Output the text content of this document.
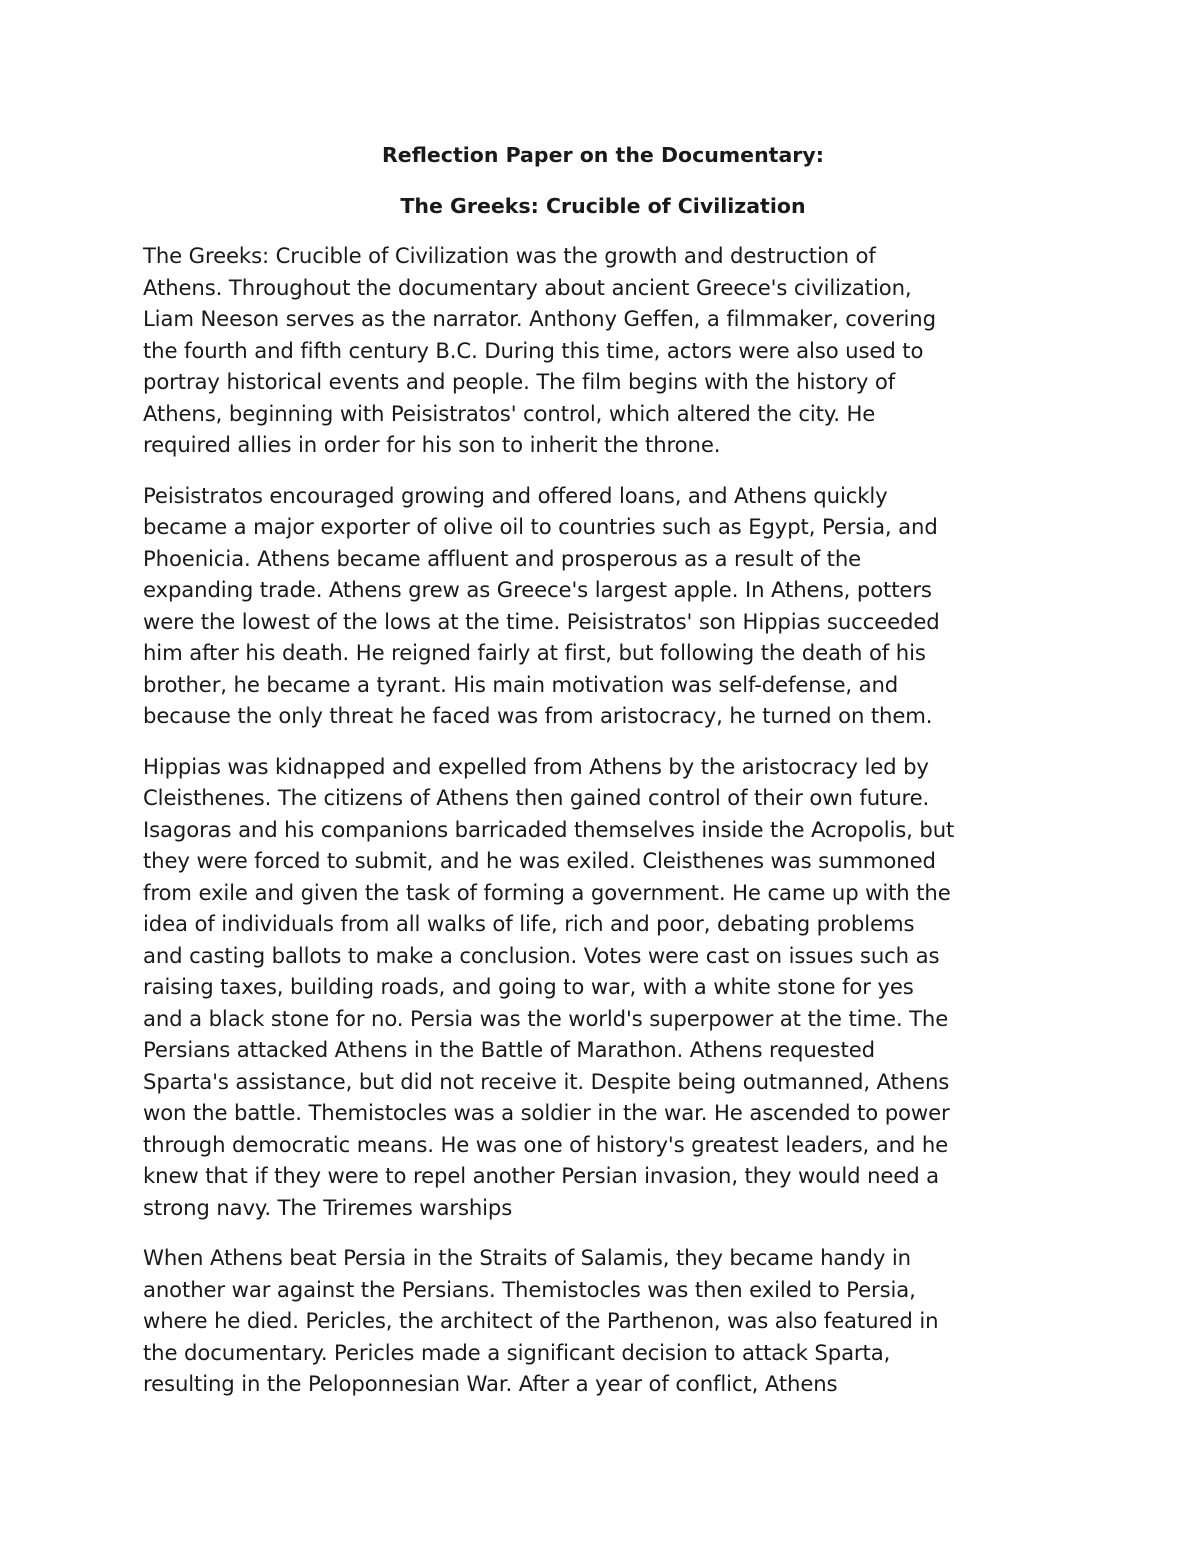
Reflection Paper on the Documentary:
The Greeks: Crucible of Civilization

The Greeks: Crucible of Civilization was the growth and destruction of
Athens. Throughout the documentary about ancient Greece's civilization,
Liam Neeson serves as the narrator. Anthony Geffen, a filmmaker, covering
the fourth and fifth century B.C. During this time, actors were also used to
portray historical events and people. The film begins with the history of
Athens, beginning with Peisistratos' control, which altered the city. He
required allies in order for his son to inherit the throne.

Peisistratos encouraged growing and offered loans, and Athens quickly
became a major exporter of olive oil to countries such as Egypt, Persia, and
Phoenicia. Athens became affluent and prosperous as a result of the
expanding trade. Athens grew as Greece's largest apple. In Athens, potters
were the lowest of the lows at the time. Peisistratos' son Hippias succeeded
him after his death. He reigned fairly at first, but following the death of his
brother, he became a tyrant. His main motivation was self-defense, and
because the only threat he faced was from aristocracy, he turned on them.

Hippias was kidnapped and expelled from Athens by the aristocracy led by
Cleisthenes. The citizens of Athens then gained control of their own future.
Isagoras and his companions barricaded themselves inside the Acropolis, but
they were forced to submit, and he was exiled. Cleisthenes was summoned
from exile and given the task of forming a government. He came up with the
idea of individuals from all walks of life, rich and poor, debating problems
and casting ballots to make a conclusion. Votes were cast on issues such as
raising taxes, building roads, and going to war, with a white stone for yes
and a black stone for no. Persia was the world's superpower at the time. The
Persians attacked Athens in the Battle of Marathon. Athens requested
Sparta's assistance, but did not receive it. Despite being outmanned, Athens
won the battle. Themistocles was a soldier in the war. He ascended to power
through democratic means. He was one of history's greatest leaders, and he
knew that if they were to repel another Persian invasion, they would need a
strong navy. The Triremes warships

When Athens beat Persia in the Straits of Salamis, they became handy in
another war against the Persians. Themistocles was then exiled to Persia,
where he died. Pericles, the architect of the Parthenon, was also featured in
the documentary. Pericles made a significant decision to attack Sparta,
resulting in the Peloponnesian War. After a year of conflict, Athens
